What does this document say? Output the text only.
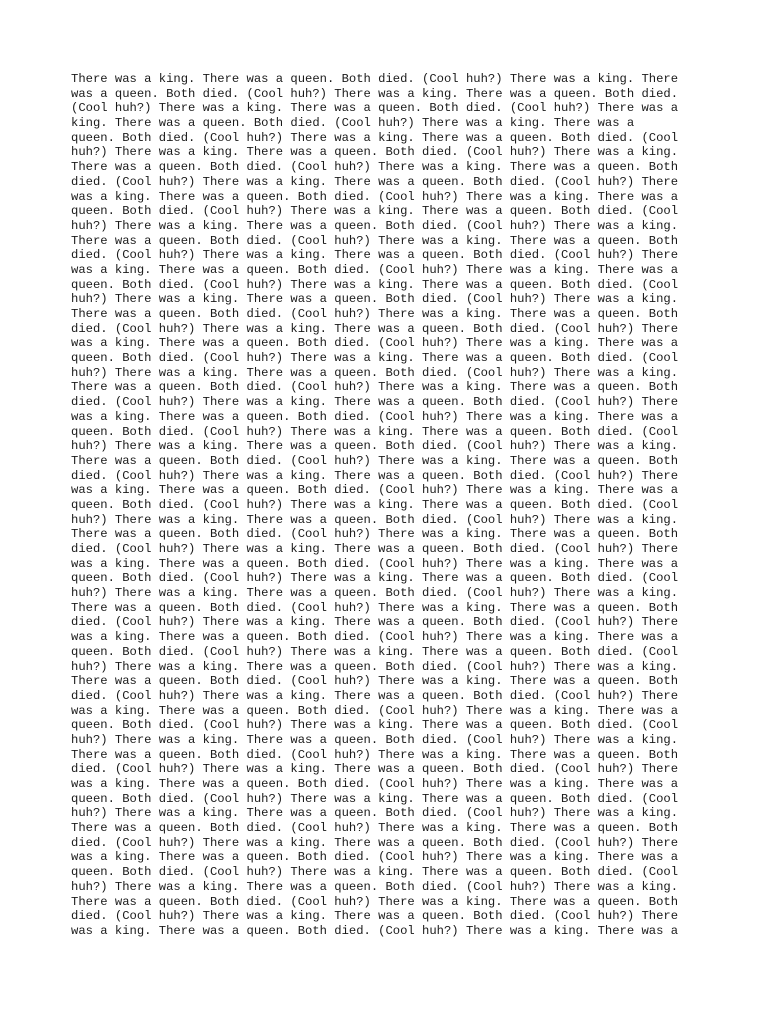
There was a king. There was a queen. Both died. (Cool huh?) There was a king. There
was a queen. Both died. (Cool huh?) There was a king. There was a queen. Both died.
(Cool huh?) There was a king. There was a queen. Both died. (Cool huh?) There was a
king. There was a queen. Both died. (Cool huh?) There was a king. There was a
queen. Both died. (Cool huh?) There was a king. There was a queen. Both died. (Cool
huh?) There was a king. There was a queen. Both died. (Cool huh?) There was a king.
There was a queen. Both died. (Cool huh?) There was a king. There was a queen. Both
died. (Cool huh?) There was a king. There was a queen. Both died. (Cool huh?) There
was a king. There was a queen. Both died. (Cool huh?) There was a king. There was a
queen. Both died. (Cool huh?) There was a king. There was a queen. Both died. (Cool
huh?) There was a king. There was a queen. Both died. (Cool huh?) There was a king.
There was a queen. Both died. (Cool huh?) There was a king. There was a queen. Both
died. (Cool huh?) There was a king. There was a queen. Both died. (Cool huh?) There
was a king. There was a queen. Both died. (Cool huh?) There was a king. There was a
queen. Both died. (Cool huh?) There was a king. There was a queen. Both died. (Cool
huh?) There was a king. There was a queen. Both died. (Cool huh?) There was a king.
There was a queen. Both died. (Cool huh?) There was a king. There was a queen. Both
died. (Cool huh?) There was a king. There was a queen. Both died. (Cool huh?) There
was a king. There was a queen. Both died. (Cool huh?) There was a king. There was a
queen. Both died. (Cool huh?) There was a king. There was a queen. Both died. (Cool
huh?) There was a king. There was a queen. Both died. (Cool huh?) There was a king.
There was a queen. Both died. (Cool huh?) There was a king. There was a queen. Both
died. (Cool huh?) There was a king. There was a queen. Both died. (Cool huh?) There
was a king. There was a queen. Both died. (Cool huh?) There was a king. There was a
queen. Both died. (Cool huh?) There was a king. There was a queen. Both died. (Cool
huh?) There was a king. There was a queen. Both died. (Cool huh?) There was a king.
There was a queen. Both died. (Cool huh?) There was a king. There was a queen. Both
died. (Cool huh?) There was a king. There was a queen. Both died. (Cool huh?) There
was a king. There was a queen. Both died. (Cool huh?) There was a king. There was a
queen. Both died. (Cool huh?) There was a king. There was a queen. Both died. (Cool
huh?) There was a king. There was a queen. Both died. (Cool huh?) There was a king.
There was a queen. Both died. (Cool huh?) There was a king. There was a queen. Both
died. (Cool huh?) There was a king. There was a queen. Both died. (Cool huh?) There
was a king. There was a queen. Both died. (Cool huh?) There was a king. There was a
queen. Both died. (Cool huh?) There was a king. There was a queen. Both died. (Cool
huh?) There was a king. There was a queen. Both died. (Cool huh?) There was a king.
There was a queen. Both died. (Cool huh?) There was a king. There was a queen. Both
died. (Cool huh?) There was a king. There was a queen. Both died. (Cool huh?) There
was a king. There was a queen. Both died. (Cool huh?) There was a king. There was a
queen. Both died. (Cool huh?) There was a king. There was a queen. Both died. (Cool
huh?) There was a king. There was a queen. Both died. (Cool huh?) There was a king.
There was a queen. Both died. (Cool huh?) There was a king. There was a queen. Both
died. (Cool huh?) There was a king. There was a queen. Both died. (Cool huh?) There
was a king. There was a queen. Both died. (Cool huh?) There was a king. There was a
queen. Both died. (Cool huh?) There was a king. There was a queen. Both died. (Cool
huh?) There was a king. There was a queen. Both died. (Cool huh?) There was a king.
There was a queen. Both died. (Cool huh?) There was a king. There was a queen. Both
died. (Cool huh?) There was a king. There was a queen. Both died. (Cool huh?) There
was a king. There was a queen. Both died. (Cool huh?) There was a king. There was a
queen. Both died. (Cool huh?) There was a king. There was a queen. Both died. (Cool
huh?) There was a king. There was a queen. Both died. (Cool huh?) There was a king.
There was a queen. Both died. (Cool huh?) There was a king. There was a queen. Both
died. (Cool huh?) There was a king. There was a queen. Both died. (Cool huh?) There
was a king. There was a queen. Both died. (Cool huh?) There was a king. There was a
queen. Both died. (Cool huh?) There was a king. There was a queen. Both died. (Cool
huh?) There was a king. There was a queen. Both died. (Cool huh?) There was a king.
There was a queen. Both died. (Cool huh?) There was a king. There was a queen. Both
died. (Cool huh?) There was a king. There was a queen. Both died. (Cool huh?) There
was a king. There was a queen. Both died. (Cool huh?) There was a king. There was a
